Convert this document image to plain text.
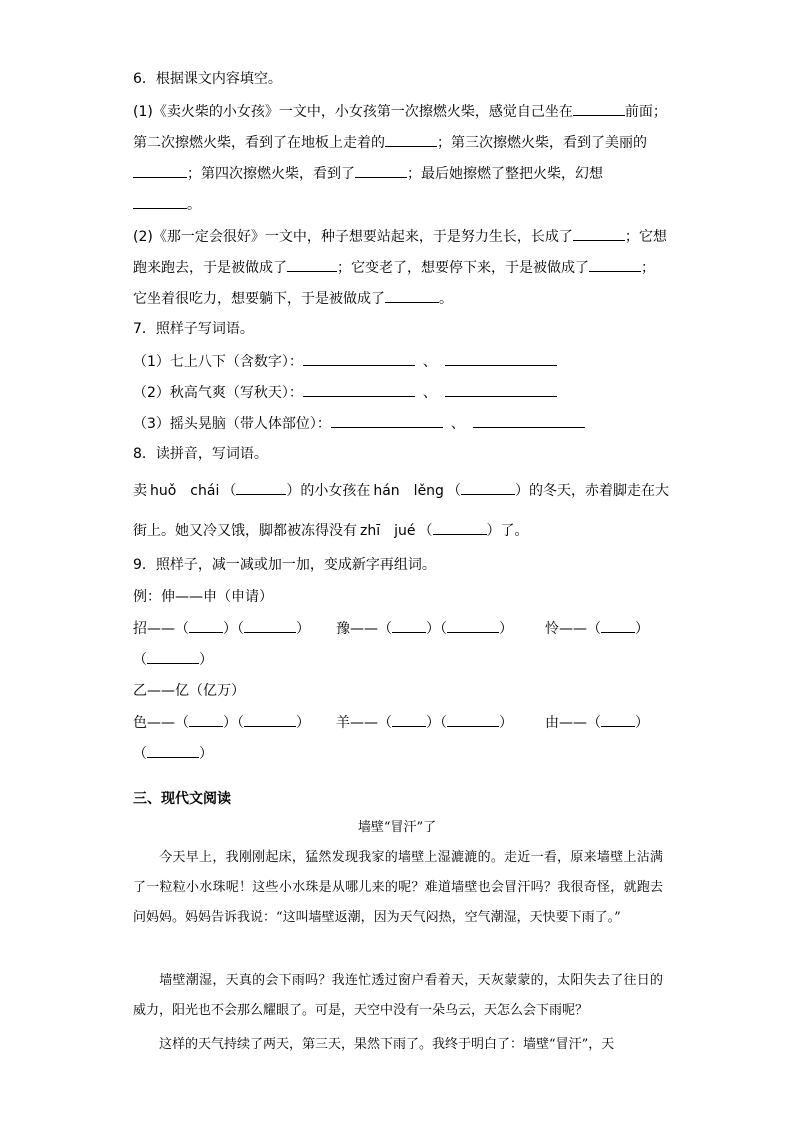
6．根据课文内容填空。
(1)《卖火柴的小女孩》一文中，小女孩第一次擦燃火柴，感觉自己坐在	前面；
第二次擦燃火柴，看到了在地板上走着的	；第三次擦燃火柴，看到了美丽的
；第四次擦燃火柴，看到了	；最后她擦燃了整把火柴，幻想
。
(2)《那一定会很好》一文中，种子想要站起来，于是努力生长，长成了	；它想
跑来跑去，于是被做成了	；它变老了，想要停下来，于是被做成了	；
它坐着很吃力，想要躺下，于是被做成了	。
7．照样子写词语。
（1）七上八下（含数字）：	、
（2）秋高气爽（写秋天）：	、
（3）摇头晃脑（带人体部位）：	、
8．读拼音，写词语。
卖 huǒ　chái （	）的小女孩在 hán　lěng （	）的冬天，赤着脚走在大
街上。她又冷又饿，脚都被冻得没有 zhī　jué （	）了。
9．照样子，减一减或加一加，变成新字再组词。
例：伸——申（申请）
招——（ ）（	） 豫——（ ）（	） 怜——（ ）
（	）
乙——亿（亿万）
色——（ ）（	） 羊——（ ）（	） 由——（ ）
（	）
三、现代文阅读
墙壁“冒汗”了
今天早上，我刚刚起床，猛然发现我家的墙壁上湿漉漉的。走近一看，原来墙壁上沾满了一粒粒小水珠呢！这些小水珠是从哪儿来的呢？难道墙壁也会冒汗吗？我很奇怪，就跑去问妈妈。妈妈告诉我说：“这叫墙壁返潮，因为天气闷热，空气潮湿，天快要下雨了。”
墙壁潮湿，天真的会下雨吗？我连忙透过窗户看着天，天灰蒙蒙的，太阳失去了往日的威力，阳光也不会那么耀眼了。可是，天空中没有一朵乌云，天怎么会下雨呢？
这样的天气持续了两天，第三天，果然下雨了。我终于明白了：墙壁“冒汗”，天
